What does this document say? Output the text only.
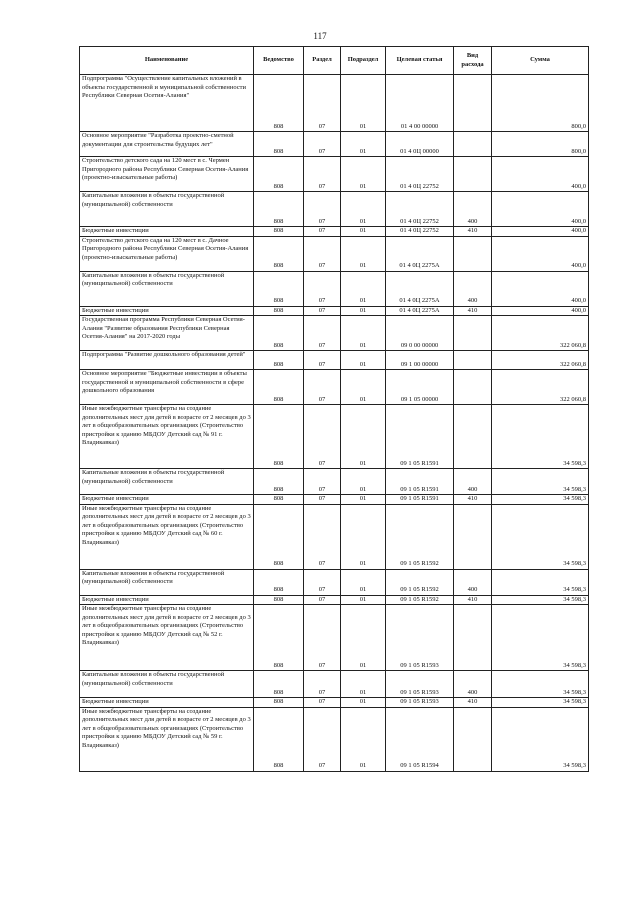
117
Наименование	Ведомство	Раздел	Подраздел	Целевая статья	Вид расхода	Сумма
Подпрограмма "Осуществление капитальных вложений в объекты государственной и муниципальной собственности Республики Северная Осетия-Алания"	808	07	01	01 4 00 00000		800,0
Основное мероприятие "Разработка проектно-сметной документации для строительства будущих лет"	808	07	01	01 4 0Ц 00000		800,0
Строительство детского сада на 120 мест в с. Чермен Пригородного района Республики Северная Осетия-Алания (проектно-изыскательные работы)	808	07	01	01 4 0Ц 22752		400,0
Капитальные вложения в объекты государственной (муниципальной) собственности	808	07	01	01 4 0Ц 22752	400	400,0
Бюджетные инвестиции	808	07	01	01 4 0Ц 22752	410	400,0
Строительство детского сада на 120 мест в с. Дачное Пригородного района Республики Северная Осетия-Алания (проектно-изыскательные работы)	808	07	01	01 4 0Ц 2275А		400,0
Капитальные вложения в объекты государственной (муниципальной) собственности	808	07	01	01 4 0Ц 2275А	400	400,0
Бюджетные инвестиции	808	07	01	01 4 0Ц 2275А	410	400,0
Государственная программа Республики Северная Осетия-Алания "Развитие образования Республики Северная Осетия-Алания" на 2017-2020 годы	808	07	01	09 0 00 00000		322 060,8
Подпрограмма "Развитие дошкольного образования детей"	808	07	01	09 1 00 00000		322 060,8
Основное мероприятие "Бюджетные инвестиции в объекты государственной и муниципальной собственности в сфере дошкольного образования	808	07	01	09 1 05 00000		322 060,8
Иные межбюджетные трансферты на создание дополнительных мест для детей в возрасте от 2 месяцев до 3 лет в общеобразовательных организациях (Строительство пристройки к зданию МБДОУ Детский сад № 91 г. Владикавказ)	808	07	01	09 1 05 R1591		34 598,3
Капитальные вложения в объекты государственной (муниципальной) собственности	808	07	01	09 1 05 R1591	400	34 598,3
Бюджетные инвестиции	808	07	01	09 1 05 R1591	410	34 598,3
Иные межбюджетные трансферты на создание дополнительных мест для детей в возрасте от 2 месяцев до 3 лет в общеобразовательных организациях (Строительство пристройки к зданию МБДОУ Детский сад № 60 г. Владикавказ)	808	07	01	09 1 05 R1592		34 598,3
Капитальные вложения в объекты государственной (муниципальной) собственности	808	07	01	09 1 05 R1592	400	34 598,3
Бюджетные инвестиции	808	07	01	09 1 05 R1592	410	34 598,3
Иные межбюджетные трансферты на создание дополнительных мест для детей в возрасте от 2 месяцев до 3 лет в общеобразовательных организациях (Строительство пристройки к зданию МБДОУ Детский сад № 52 г. Владикавказ)	808	07	01	09 1 05 R1593		34 598,3
Капитальные вложения в объекты государственной (муниципальной) собственности	808	07	01	09 1 05 R1593	400	34 598,3
Бюджетные инвестиции	808	07	01	09 1 05 R1593	410	34 598,3
Иные межбюджетные трансферты на создание дополнительных мест для детей в возрасте от 2 месяцев до 3 лет в общеобразовательных организациях (Строительство пристройки к зданию МБДОУ Детский сад № 59 г. Владикавказ)	808	07	01	09 1 05 R1594		34 598,3
